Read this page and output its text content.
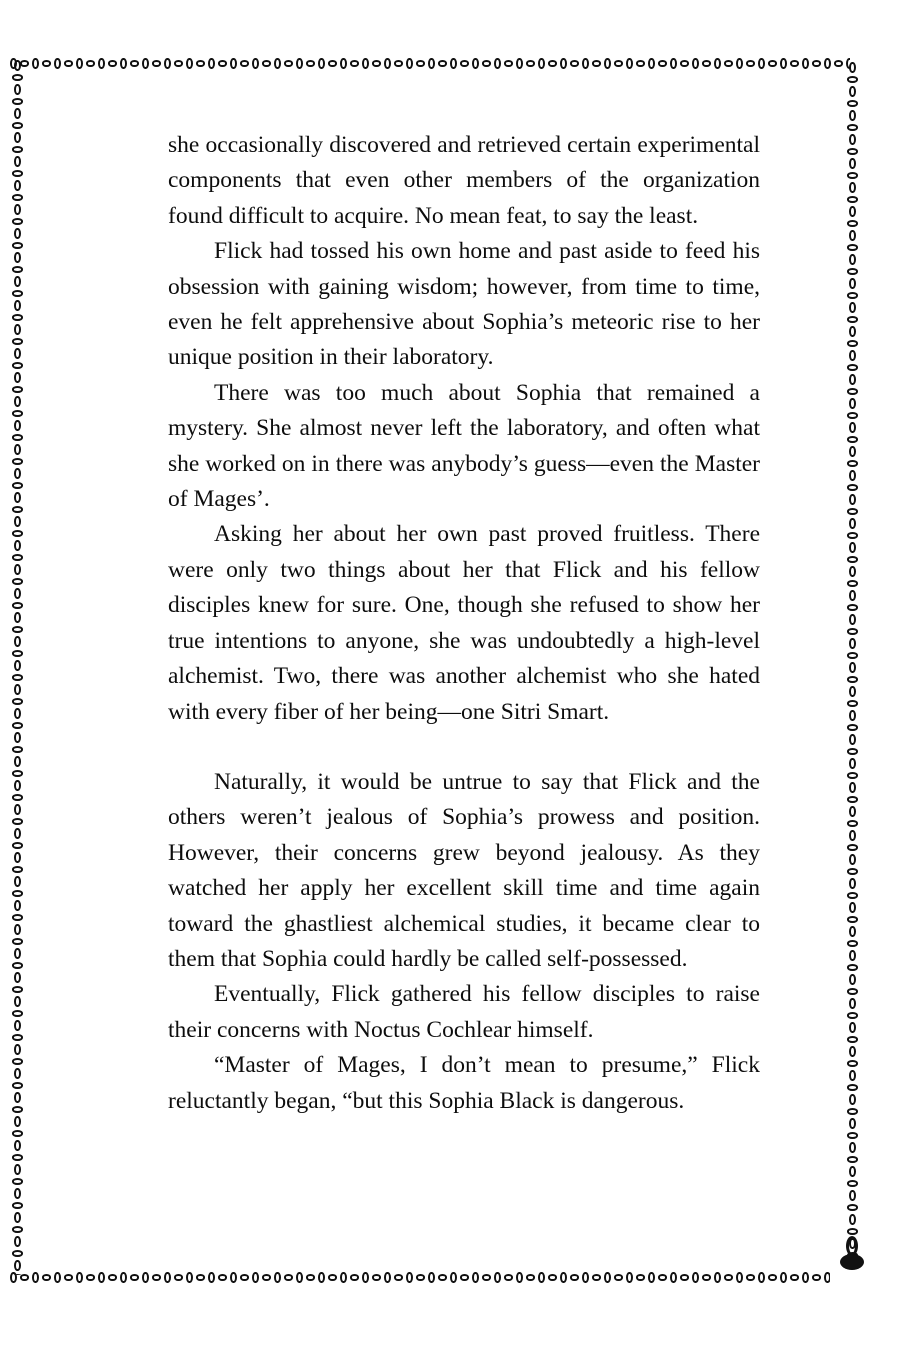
she occasionally discovered and retrieved certain experimental components that even other members of the organization found difficult to acquire. No mean feat, to say the least.

Flick had tossed his own home and past aside to feed his obsession with gaining wisdom; however, from time to time, even he felt apprehensive about Sophia’s meteoric rise to her unique position in their laboratory.

There was too much about Sophia that remained a mystery. She almost never left the laboratory, and often what she worked on in there was anybody’s guess—even the Master of Mages’.

Asking her about her own past proved fruitless. There were only two things about her that Flick and his fellow disciples knew for sure. One, though she refused to show her true intentions to anyone, she was undoubtedly a high-level alchemist. Two, there was another alchemist who she hated with every fiber of her being—one Sitri Smart.

Naturally, it would be untrue to say that Flick and the others weren’t jealous of Sophia’s prowess and position. However, their concerns grew beyond jealousy. As they watched her apply her excellent skill time and time again toward the ghastliest alchemical studies, it became clear to them that Sophia could hardly be called self-possessed.

Eventually, Flick gathered his fellow disciples to raise their concerns with Noctus Cochlear himself.

“Master of Mages, I don’t mean to presume,” Flick reluctantly began, “but this Sophia Black is dangerous.
